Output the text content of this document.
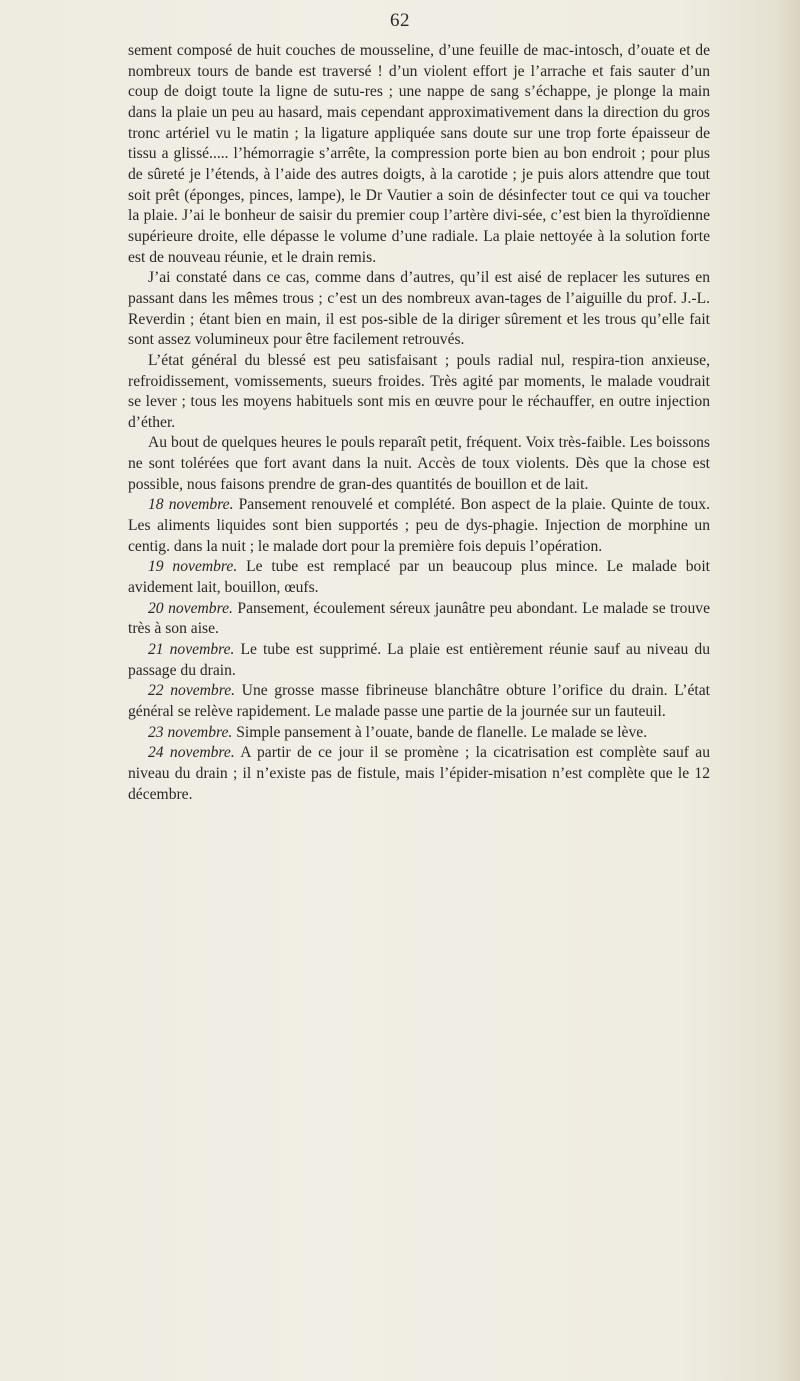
62

sement composé de huit couches de mousseline, d’une feuille de mac-intosch, d’ouate et de nombreux tours de bande est traversé ! d’un violent effort je l’arrache et fais sauter d’un coup de doigt toute la ligne de sutu-res ; une nappe de sang s’échappe, je plonge la main dans la plaie un peu au hasard, mais cependant approximativement dans la direction du gros tronc artériel vu le matin ; la ligature appliquée sans doute sur une trop forte épaisseur de tissu a glissé..... l’hémorragie s’arrête, la compression porte bien au bon endroit ; pour plus de sûreté je l’étends, à l’aide des autres doigts, à la carotide ; je puis alors attendre que tout soit prêt (éponges, pinces, lampe), le Dr Vautier a soin de désinfecter tout ce qui va toucher la plaie. J’ai le bonheur de saisir du premier coup l’artère divi-sée, c’est bien la thyroïdienne supérieure droite, elle dépasse le volume d’une radiale. La plaie nettoyée à la solution forte est de nouveau réunie, et le drain remis.

J’ai constaté dans ce cas, comme dans d’autres, qu’il est aisé de replacer les sutures en passant dans les mêmes trous ; c’est un des nombreux avan-tages de l’aiguille du prof. J.-L. Reverdin ; étant bien en main, il est pos-sible de la diriger sûrement et les trous qu’elle fait sont assez volumineux pour être facilement retrouvés.

L’état général du blessé est peu satisfaisant ; pouls radial nul, respira-tion anxieuse, refroidissement, vomissements, sueurs froides. Très agité par moments, le malade voudrait se lever ; tous les moyens habituels sont mis en œuvre pour le réchauffer, en outre injection d’éther.

Au bout de quelques heures le pouls reparaît petit, fréquent. Voix très-faible. Les boissons ne sont tolérées que fort avant dans la nuit. Accès de toux violents. Dès que la chose est possible, nous faisons prendre de gran-des quantités de bouillon et de lait.

18 novembre. Pansement renouvelé et complété. Bon aspect de la plaie. Quinte de toux. Les aliments liquides sont bien supportés ; peu de dys-phagie. Injection de morphine un centig. dans la nuit ; le malade dort pour la première fois depuis l’opération.

19 novembre. Le tube est remplacé par un beaucoup plus mince. Le malade boit avidement lait, bouillon, œufs.

20 novembre. Pansement, écoulement séreux jaunâtre peu abondant. Le malade se trouve très à son aise.

21 novembre. Le tube est supprimé. La plaie est entièrement réunie sauf au niveau du passage du drain.

22 novembre. Une grosse masse fibrineuse blanchâtre obture l’orifice du drain. L’état général se relève rapidement. Le malade passe une partie de la journée sur un fauteuil.

23 novembre. Simple pansement à l’ouate, bande de flanelle. Le malade se lève.

24 novembre. A partir de ce jour il se promène ; la cicatrisation est complète sauf au niveau du drain ; il n’existe pas de fistule, mais l’épider-misation n’est complète que le 12 décembre.
